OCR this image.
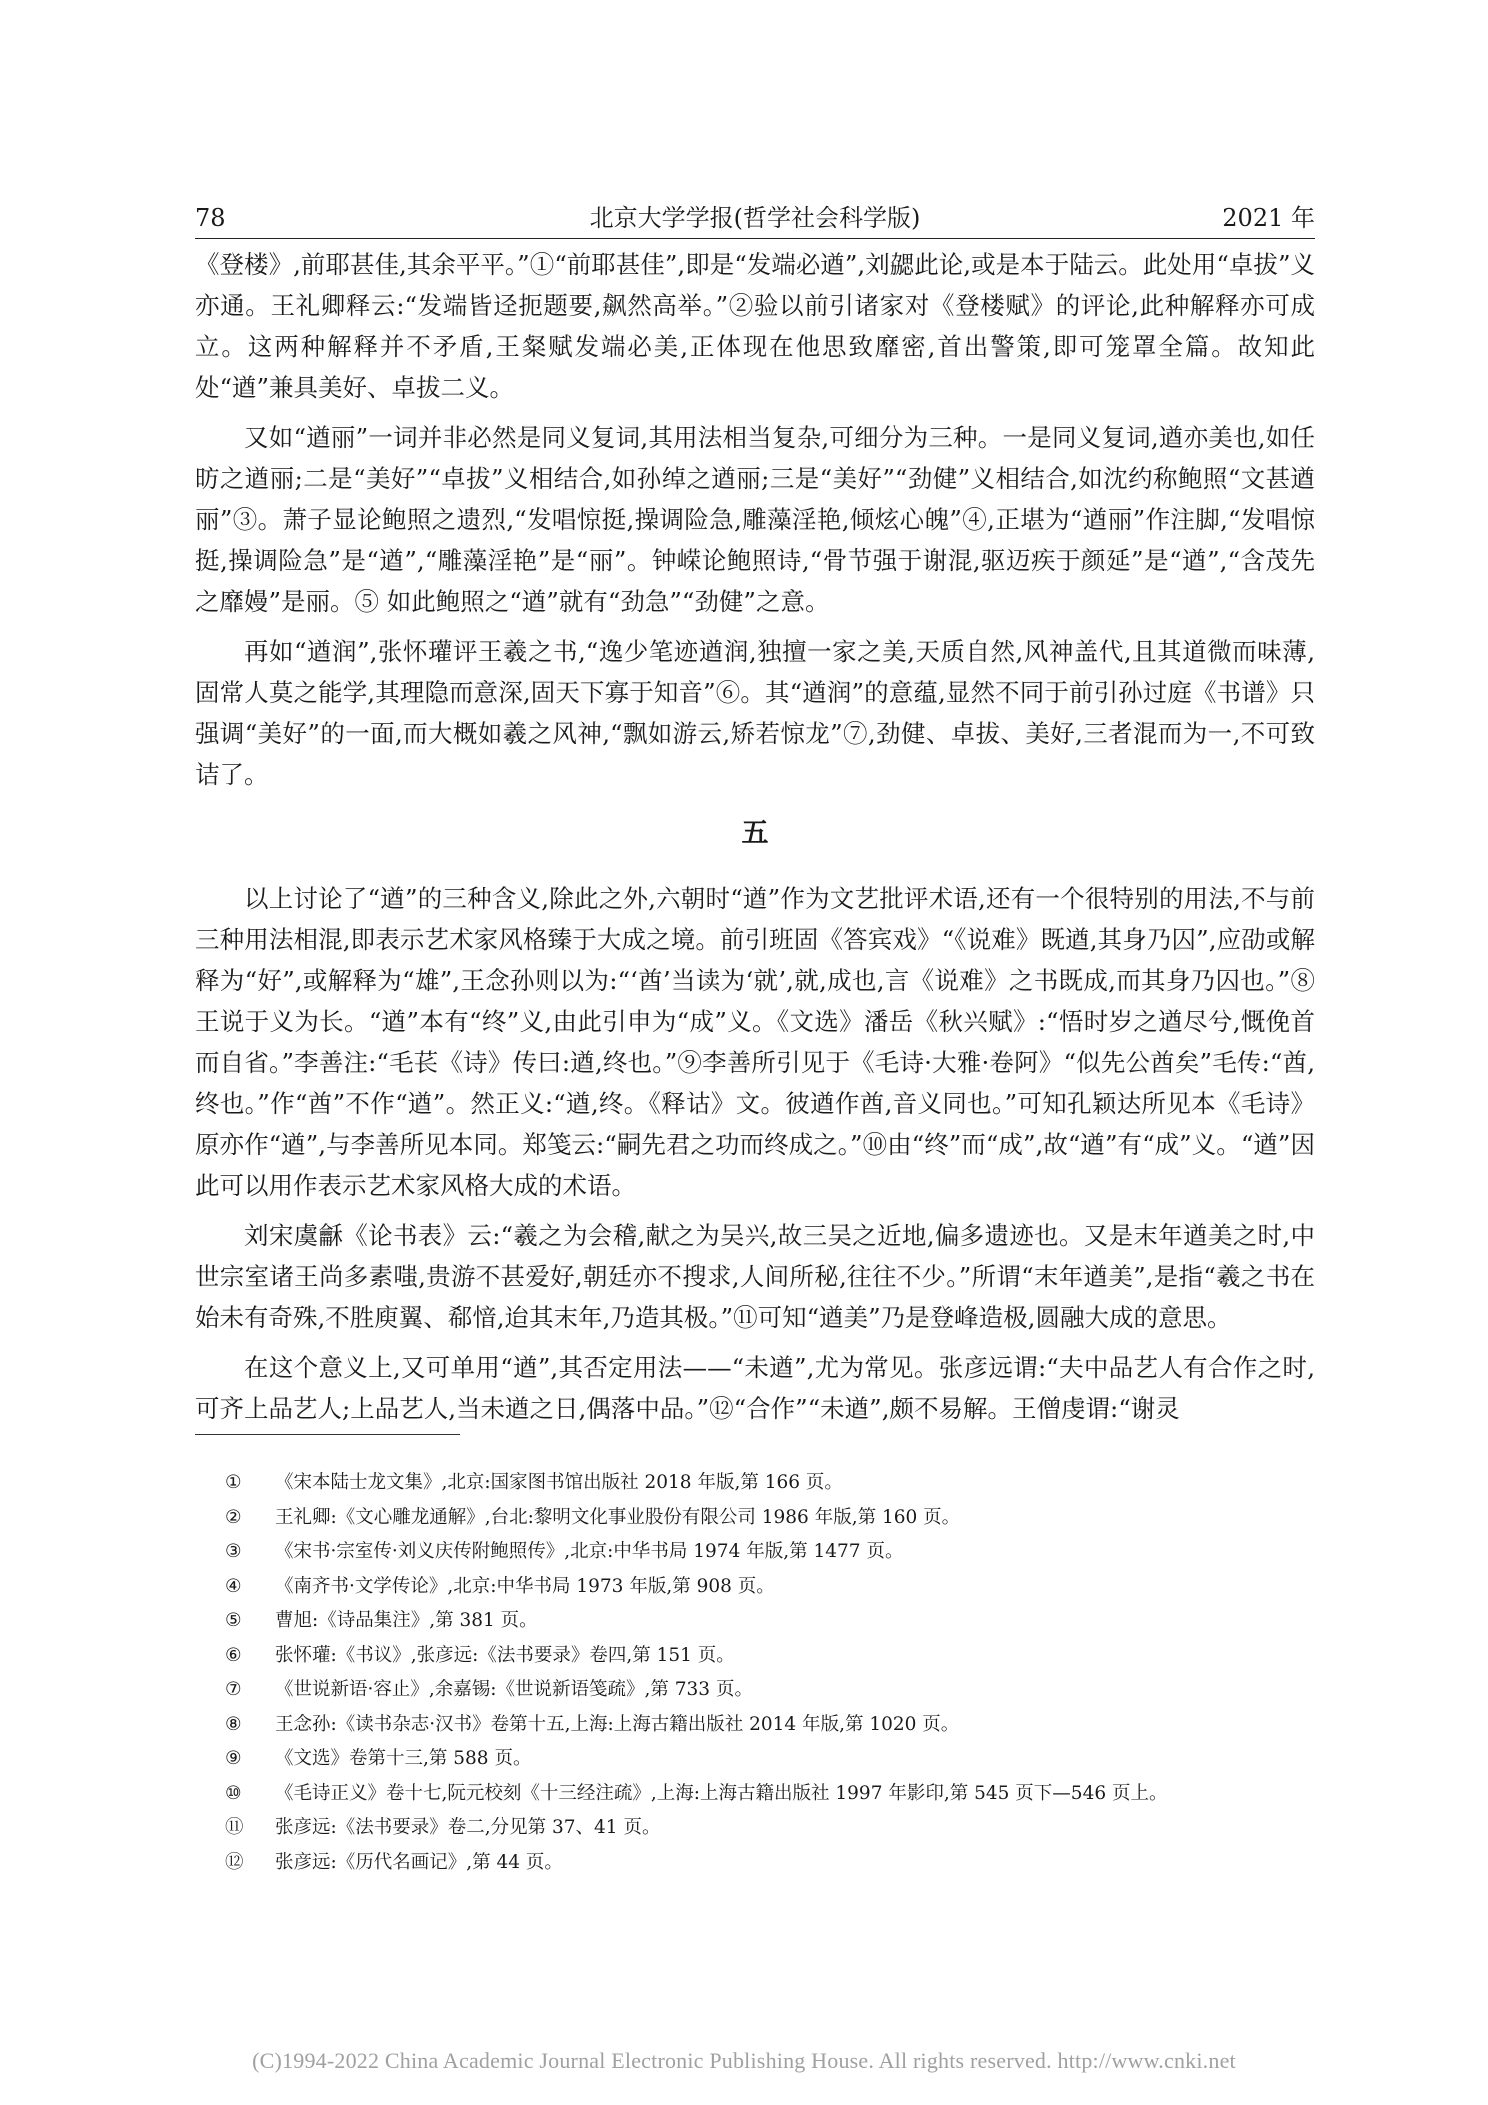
78	北京大学学报(哲学社会科学版)	2021 年

《登楼》,前耶甚佳,其余平平。”①“前耶甚佳”,即是“发端必遒”,刘勰此论,或是本于陆云。此处用“卓拔”义亦通。王礼卿释云:“发端皆迳扼题要,飙然高举。”②验以前引诸家对《登楼赋》的评论,此种解释亦可成立。这两种解释并不矛盾,王粲赋发端必美,正体现在他思致靡密,首出警策,即可笼罩全篇。故知此处“遒”兼具美好、卓拔二义。

又如“遒丽”一词并非必然是同义复词,其用法相当复杂,可细分为三种。一是同义复词,遒亦美也,如任昉之遒丽;二是“美好”“卓拔”义相结合,如孙绰之遒丽;三是“美好”“劲健”义相结合,如沈约称鲍照“文甚遒丽”③。萧子显论鲍照之遗烈,“发唱惊挺,操调险急,雕藻淫艳,倾炫心魄”④,正堪为“遒丽”作注脚,“发唱惊挺,操调险急”是“遒”,“雕藻淫艳”是“丽”。钟嵘论鲍照诗,“骨节强于谢混,驱迈疾于颜延”是“遒”,“含茂先之靡嫚”是丽。⑤ 如此鲍照之“遒”就有“劲急”“劲健”之意。

再如“遒润”,张怀瓘评王羲之书,“逸少笔迹遒润,独擅一家之美,天质自然,风神盖代,且其道微而味薄,固常人莫之能学,其理隐而意深,固天下寡于知音”⑥。其“遒润”的意蕴,显然不同于前引孙过庭《书谱》只强调“美好”的一面,而大概如羲之风神,“飘如游云,矫若惊龙”⑦,劲健、卓拔、美好,三者混而为一,不可致诘了。

五

以上讨论了“遒”的三种含义,除此之外,六朝时“遒”作为文艺批评术语,还有一个很特别的用法,不与前三种用法相混,即表示艺术家风格臻于大成之境。前引班固《答宾戏》“《说难》既遒,其身乃囚”,应劭或解释为“好”,或解释为“雄”,王念孙则以为:“‘酋’当读为‘就’,就,成也,言《说难》之书既成,而其身乃囚也。”⑧王说于义为长。“遒”本有“终”义,由此引申为“成”义。《文选》潘岳《秋兴赋》:“悟时岁之遒尽兮,慨俛首而自省。”李善注:“毛苌《诗》传曰:遒,终也。”⑨李善所引见于《毛诗·大雅·卷阿》“似先公酋矣”毛传:“酋,终也。”作“酋”不作“遒”。然正义:“遒,终。《释诂》文。彼遒作酋,音义同也。”可知孔颖达所见本《毛诗》原亦作“遒”,与李善所见本同。郑笺云:“嗣先君之功而终成之。”⑩由“终”而“成”,故“遒”有“成”义。“遒”因此可以用作表示艺术家风格大成的术语。

刘宋虞龢《论书表》云:“羲之为会稽,献之为吴兴,故三吴之近地,偏多遗迹也。又是末年遒美之时,中世宗室诸王尚多素嗤,贵游不甚爱好,朝廷亦不搜求,人间所秘,往往不少。”所谓“末年遒美”,是指“羲之书在始未有奇殊,不胜庾翼、郗愔,迨其末年,乃造其极。”⑪可知“遒美”乃是登峰造极,圆融大成的意思。

在这个意义上,又可单用“遒”,其否定用法——“未遒”,尤为常见。张彦远谓:“夫中品艺人有合作之时,可齐上品艺人;上品艺人,当未遒之日,偶落中品。”⑫“合作”“未遒”,颇不易解。王僧虔谓:“谢灵

① 《宋本陆士龙文集》,北京:国家图书馆出版社 2018 年版,第 166 页。
② 王礼卿:《文心雕龙通解》,台北:黎明文化事业股份有限公司 1986 年版,第 160 页。
③ 《宋书·宗室传·刘义庆传附鲍照传》,北京:中华书局 1974 年版,第 1477 页。
④ 《南齐书·文学传论》,北京:中华书局 1973 年版,第 908 页。
⑤ 曹旭:《诗品集注》,第 381 页。
⑥ 张怀瓘:《书议》,张彦远:《法书要录》卷四,第 151 页。
⑦ 《世说新语·容止》,余嘉锡:《世说新语笺疏》,第 733 页。
⑧ 王念孙:《读书杂志·汉书》卷第十五,上海:上海古籍出版社 2014 年版,第 1020 页。
⑨ 《文选》卷第十三,第 588 页。
⑩ 《毛诗正义》卷十七,阮元校刻《十三经注疏》,上海:上海古籍出版社 1997 年影印,第 545 页下—546 页上。
⑪ 张彦远:《法书要录》卷二,分见第 37、41 页。
⑫ 张彦远:《历代名画记》,第 44 页。
(C)1994-2022 China Academic Journal Electronic Publishing House. All rights reserved. http://www.cnki.net
